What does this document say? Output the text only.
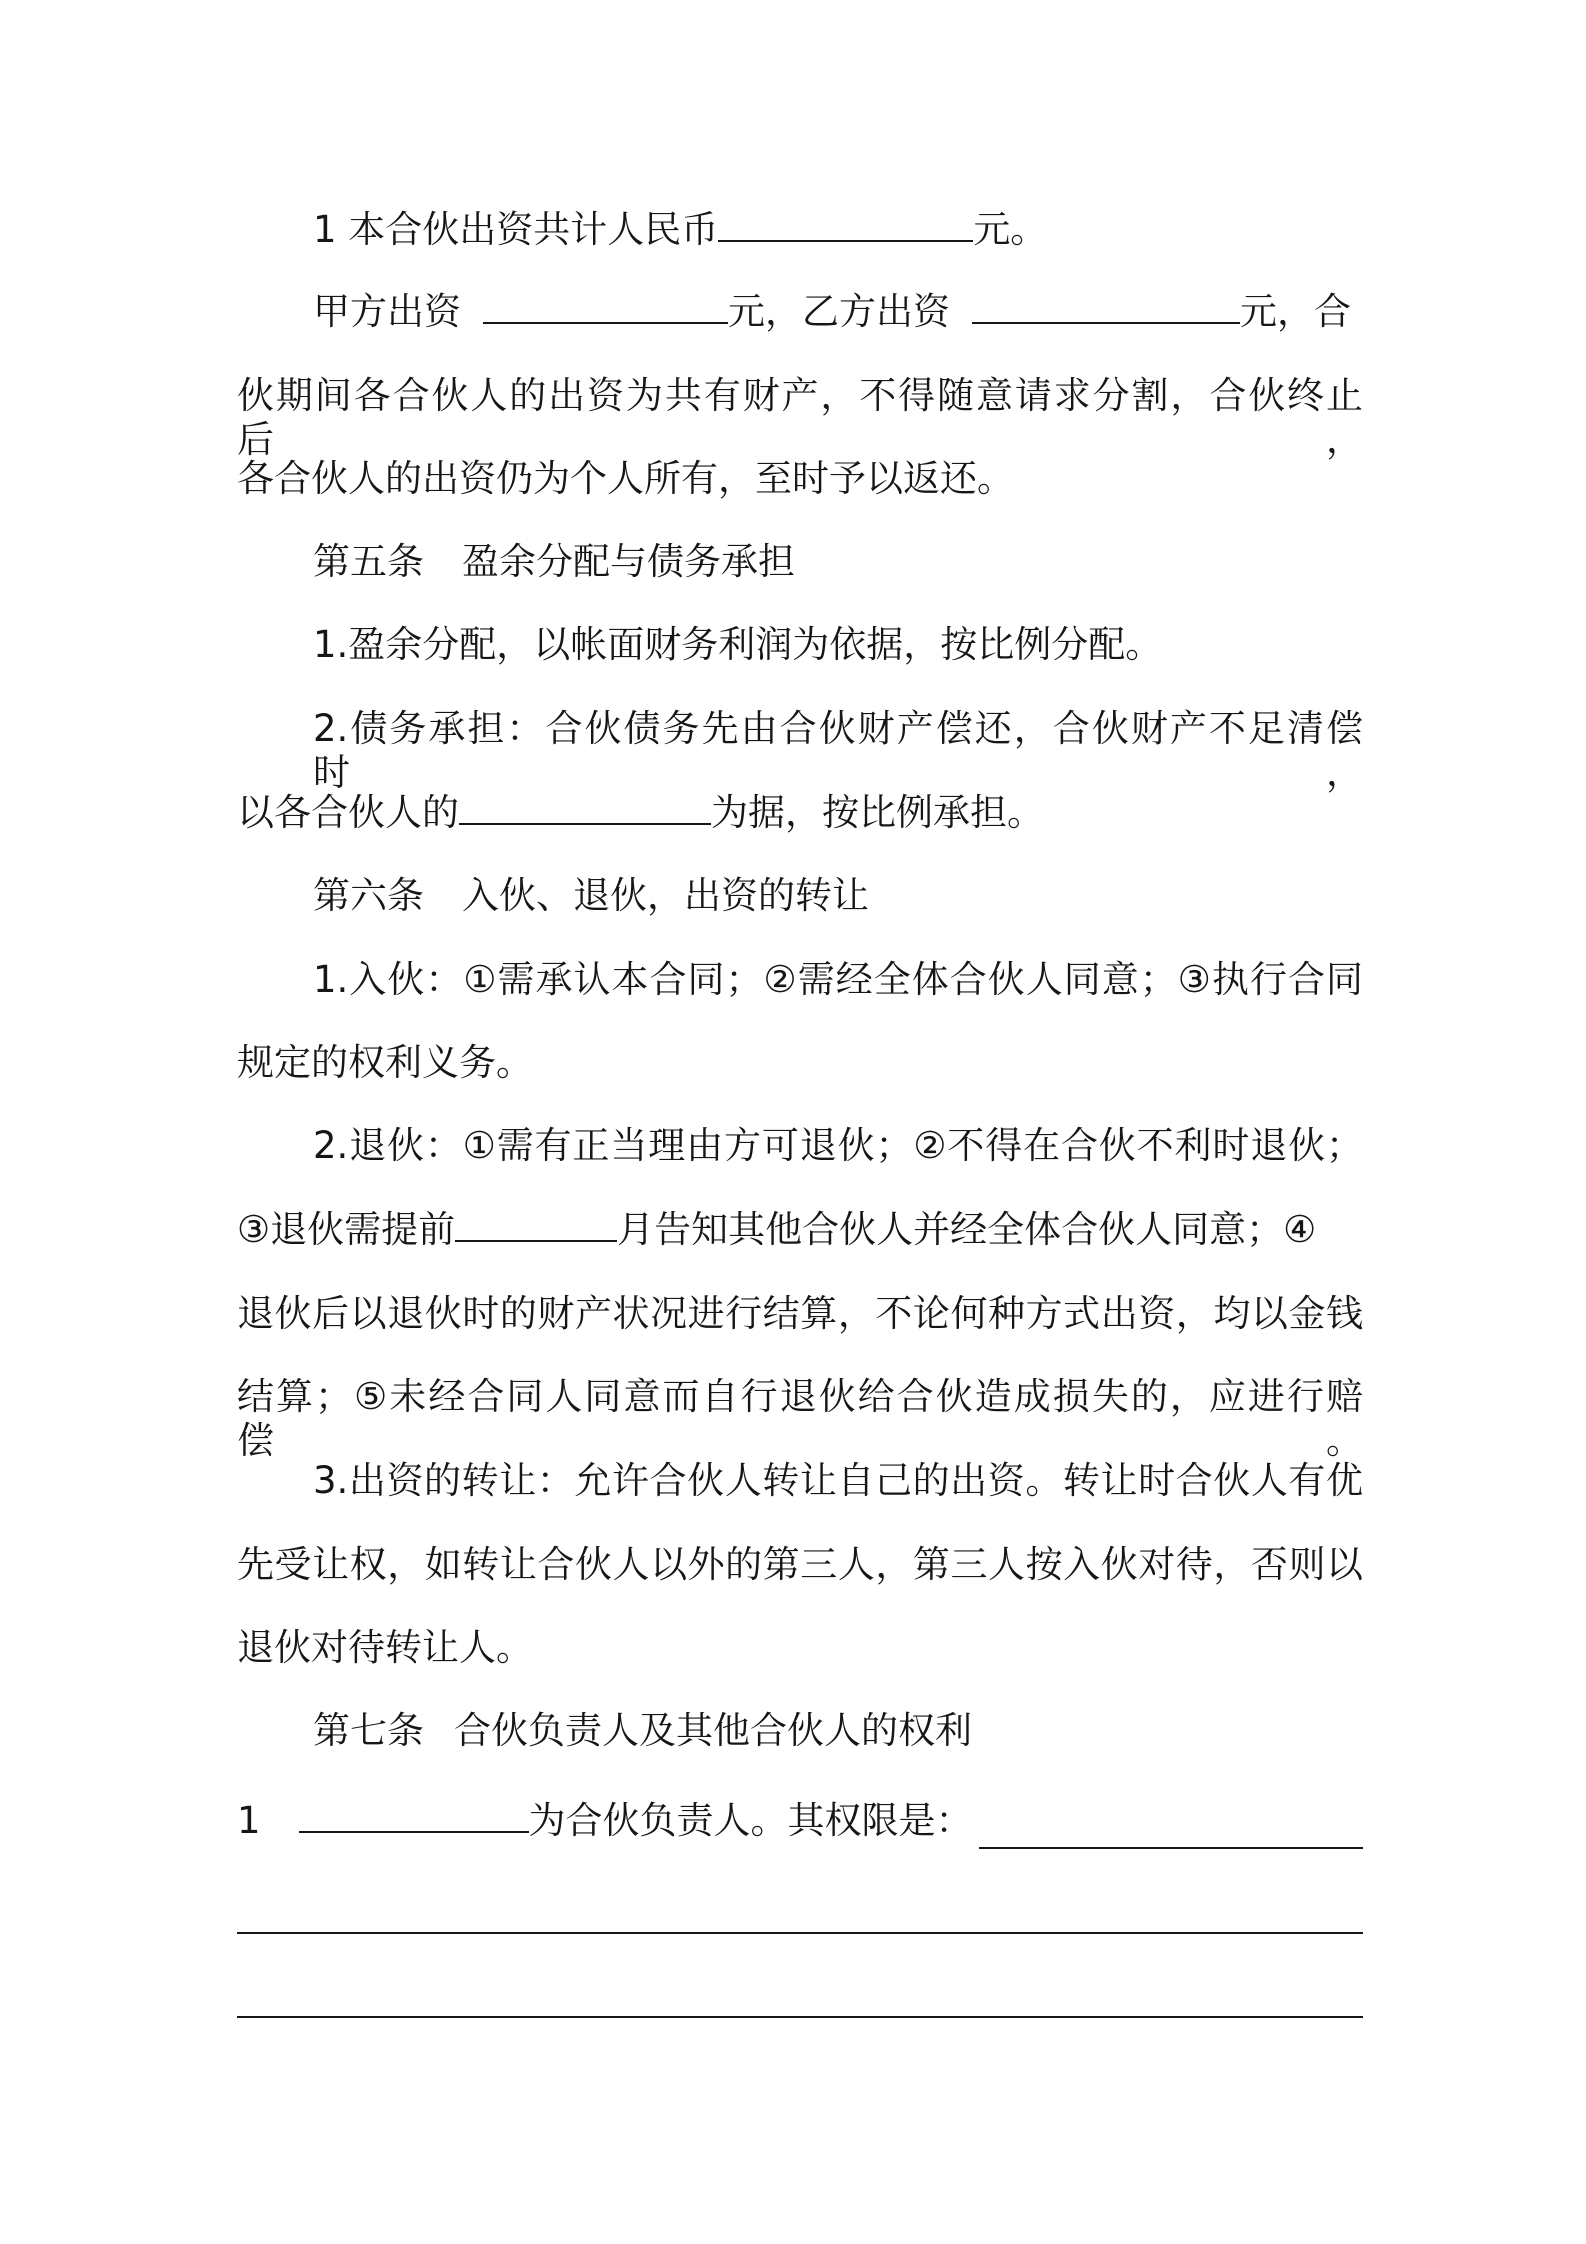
1 本合伙出资共计人民币	元。
甲方出资	元，乙方出资	元，合
伙期间各合伙人的出资为共有财产，不得随意请求分割，合伙终止后，
各合伙人的出资仍为个人所有，至时予以返还。
第五条 盈余分配与债务承担
1.盈余分配，以帐面财务利润为依据，按比例分配。
2.债务承担：合伙债务先由合伙财产偿还，合伙财产不足清偿时，
以各合伙人的	为据，按比例承担。
第六条 入伙、退伙，出资的转让
1.入伙：①需承认本合同；②需经全体合伙人同意；③执行合同
规定的权利义务。
2.退伙：①需有正当理由方可退伙；②不得在合伙不利时退伙；
③退伙需提前	月告知其他合伙人并经全体合伙人同意；④
退伙后以退伙时的财产状况进行结算，不论何种方式出资，均以金钱
结算；⑤未经合同人同意而自行退伙给合伙造成损失的，应进行赔偿。
3.出资的转让：允许合伙人转让自己的出资。转让时合伙人有优
先受让权，如转让合伙人以外的第三人，第三人按入伙对待，否则以
退伙对待转让人。
第七条 合伙负责人及其他合伙人的权利
1	为合伙负责人。其权限是：
